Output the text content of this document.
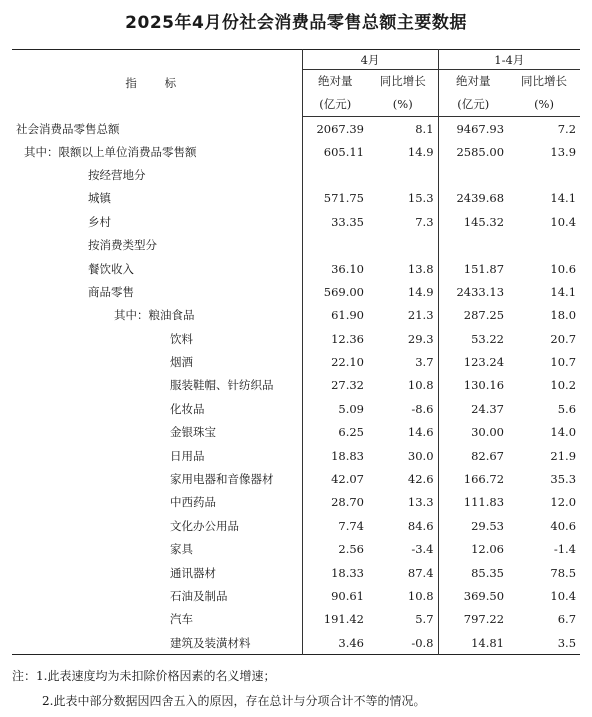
2025年4月份社会消费品零售总额主要数据
指 标	4月		1-4月	
	绝对量	同比增长	绝对量	同比增长
	(亿元)	(%)	(亿元)	(%)
社会消费品零售总额	2067.39	8.1	9467.93	7.2
其中：限额以上单位消费品零售额	605.11	14.9	2585.00	13.9
按经营地分				
城镇	571.75	15.3	2439.68	14.1
乡村	33.35	7.3	145.32	10.4
按消费类型分				
餐饮收入	36.10	13.8	151.87	10.6
商品零售	569.00	14.9	2433.13	14.1
其中：粮油食品	61.90	21.3	287.25	18.0
饮料	12.36	29.3	53.22	20.7
烟酒	22.10	3.7	123.24	10.7
服装鞋帽、针纺织品	27.32	10.8	130.16	10.2
化妆品	5.09	-8.6	24.37	5.6
金银珠宝	6.25	14.6	30.00	14.0
日用品	18.83	30.0	82.67	21.9
家用电器和音像器材	42.07	42.6	166.72	35.3
中西药品	28.70	13.3	111.83	12.0
文化办公用品	7.74	84.6	29.53	40.6
家具	2.56	-3.4	12.06	-1.4
通讯器材	18.33	87.4	85.35	78.5
石油及制品	90.61	10.8	369.50	10.4
汽车	191.42	5.7	797.22	6.7
建筑及装潢材料	3.46	-0.8	14.81	3.5
注：1.此表速度均为未扣除价格因素的名义增速；
2.此表中部分数据因四舍五入的原因，存在总计与分项合计不等的情况。
